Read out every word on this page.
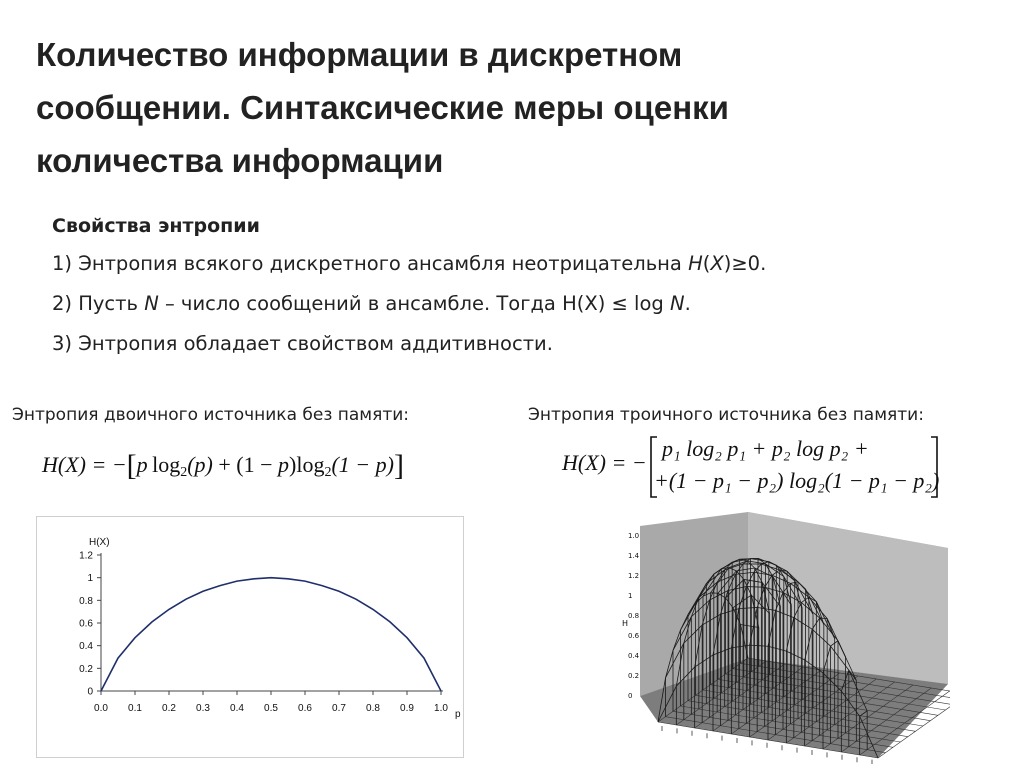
Количество информации в дискретном
сообщении. Синтаксические меры оценки
количества информации
Свойства энтропии
1) Энтропия всякого дискретного ансамбля неотрицательна H(X)≥0.
2) Пусть N – число сообщений в ансамбле. Тогда H(X) ≤ log N.
3) Энтропия обладает свойством аддитивности.
Энтропия двоичного источника без памяти:	Энтропия троичного источника без памяти:
H(X) = −[p  $\log_2(p) + (1 - p)\log_2(1 - p)$]	H(X) = −
p₁ log₂ p₁ + p₂ log p₂ +
+(1 − p₁ − p₂) log₂(1 − p₁ − p₂)
0
0.2
0.4
0.6
0.8
1
1.2
0.0 0.1 0.2 0.3 0.4 0.5 0.6 0.7 0.8 0.9 1.0
H(X)
p
1.0
1.4
1.2
1
0.8
0.6
0.4
0.2
0
H
